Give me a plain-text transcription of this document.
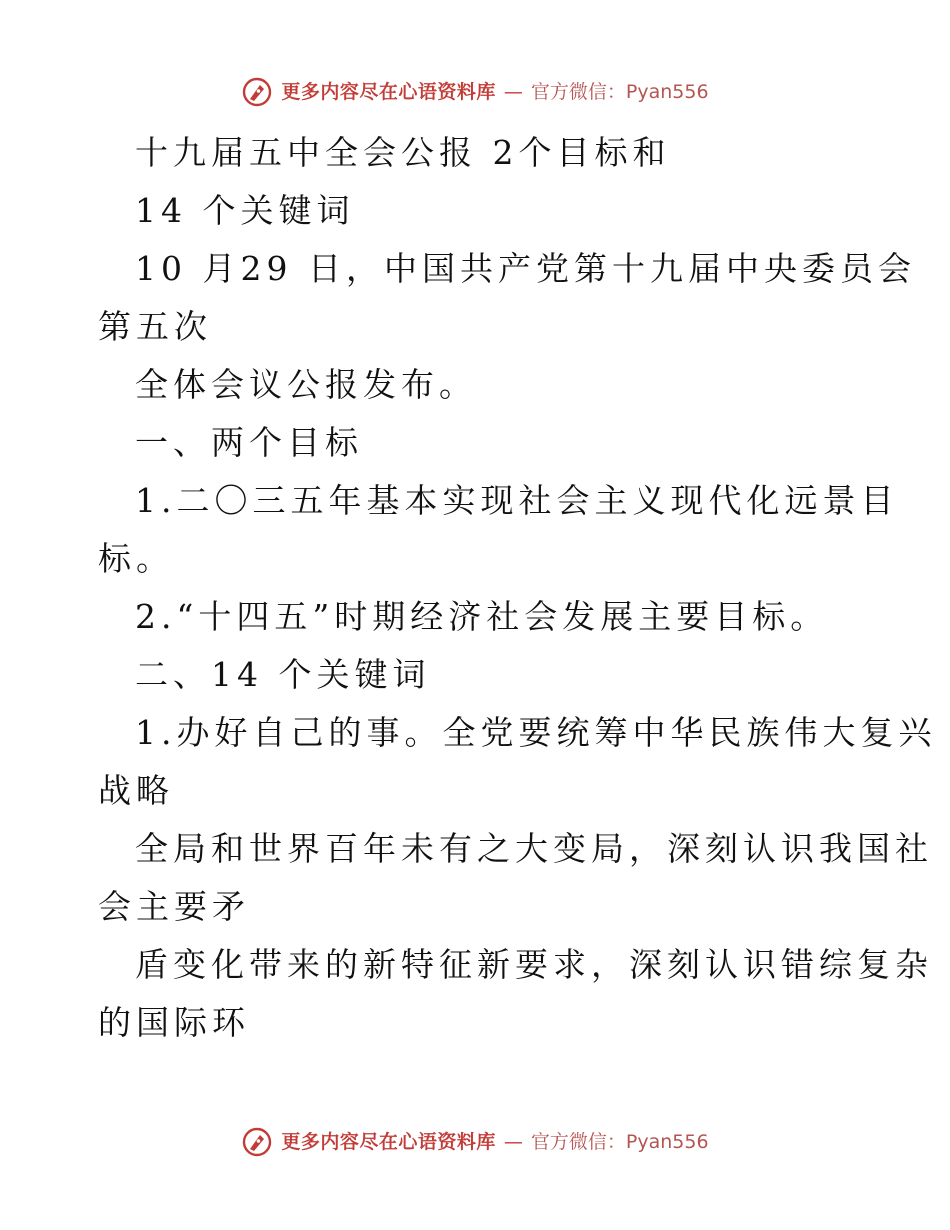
更多内容尽在心语资料库 — 官方微信：Pyan556
十九届五中全会公报 2个目标和
14 个关键词
10 月29 日，中国共产党第十九届中央委员会
第五次
全体会议公报发布。
一、两个目标
1.二〇三五年基本实现社会主义现代化远景目
标。
2.“十四五”时期经济社会发展主要目标。
二、14 个关键词
1.办好自己的事。全党要统筹中华民族伟大复兴
战略
全局和世界百年未有之大变局，深刻认识我国社
会主要矛
盾变化带来的新特征新要求，深刻认识错综复杂
的国际环
更多内容尽在心语资料库 — 官方微信：Pyan556
